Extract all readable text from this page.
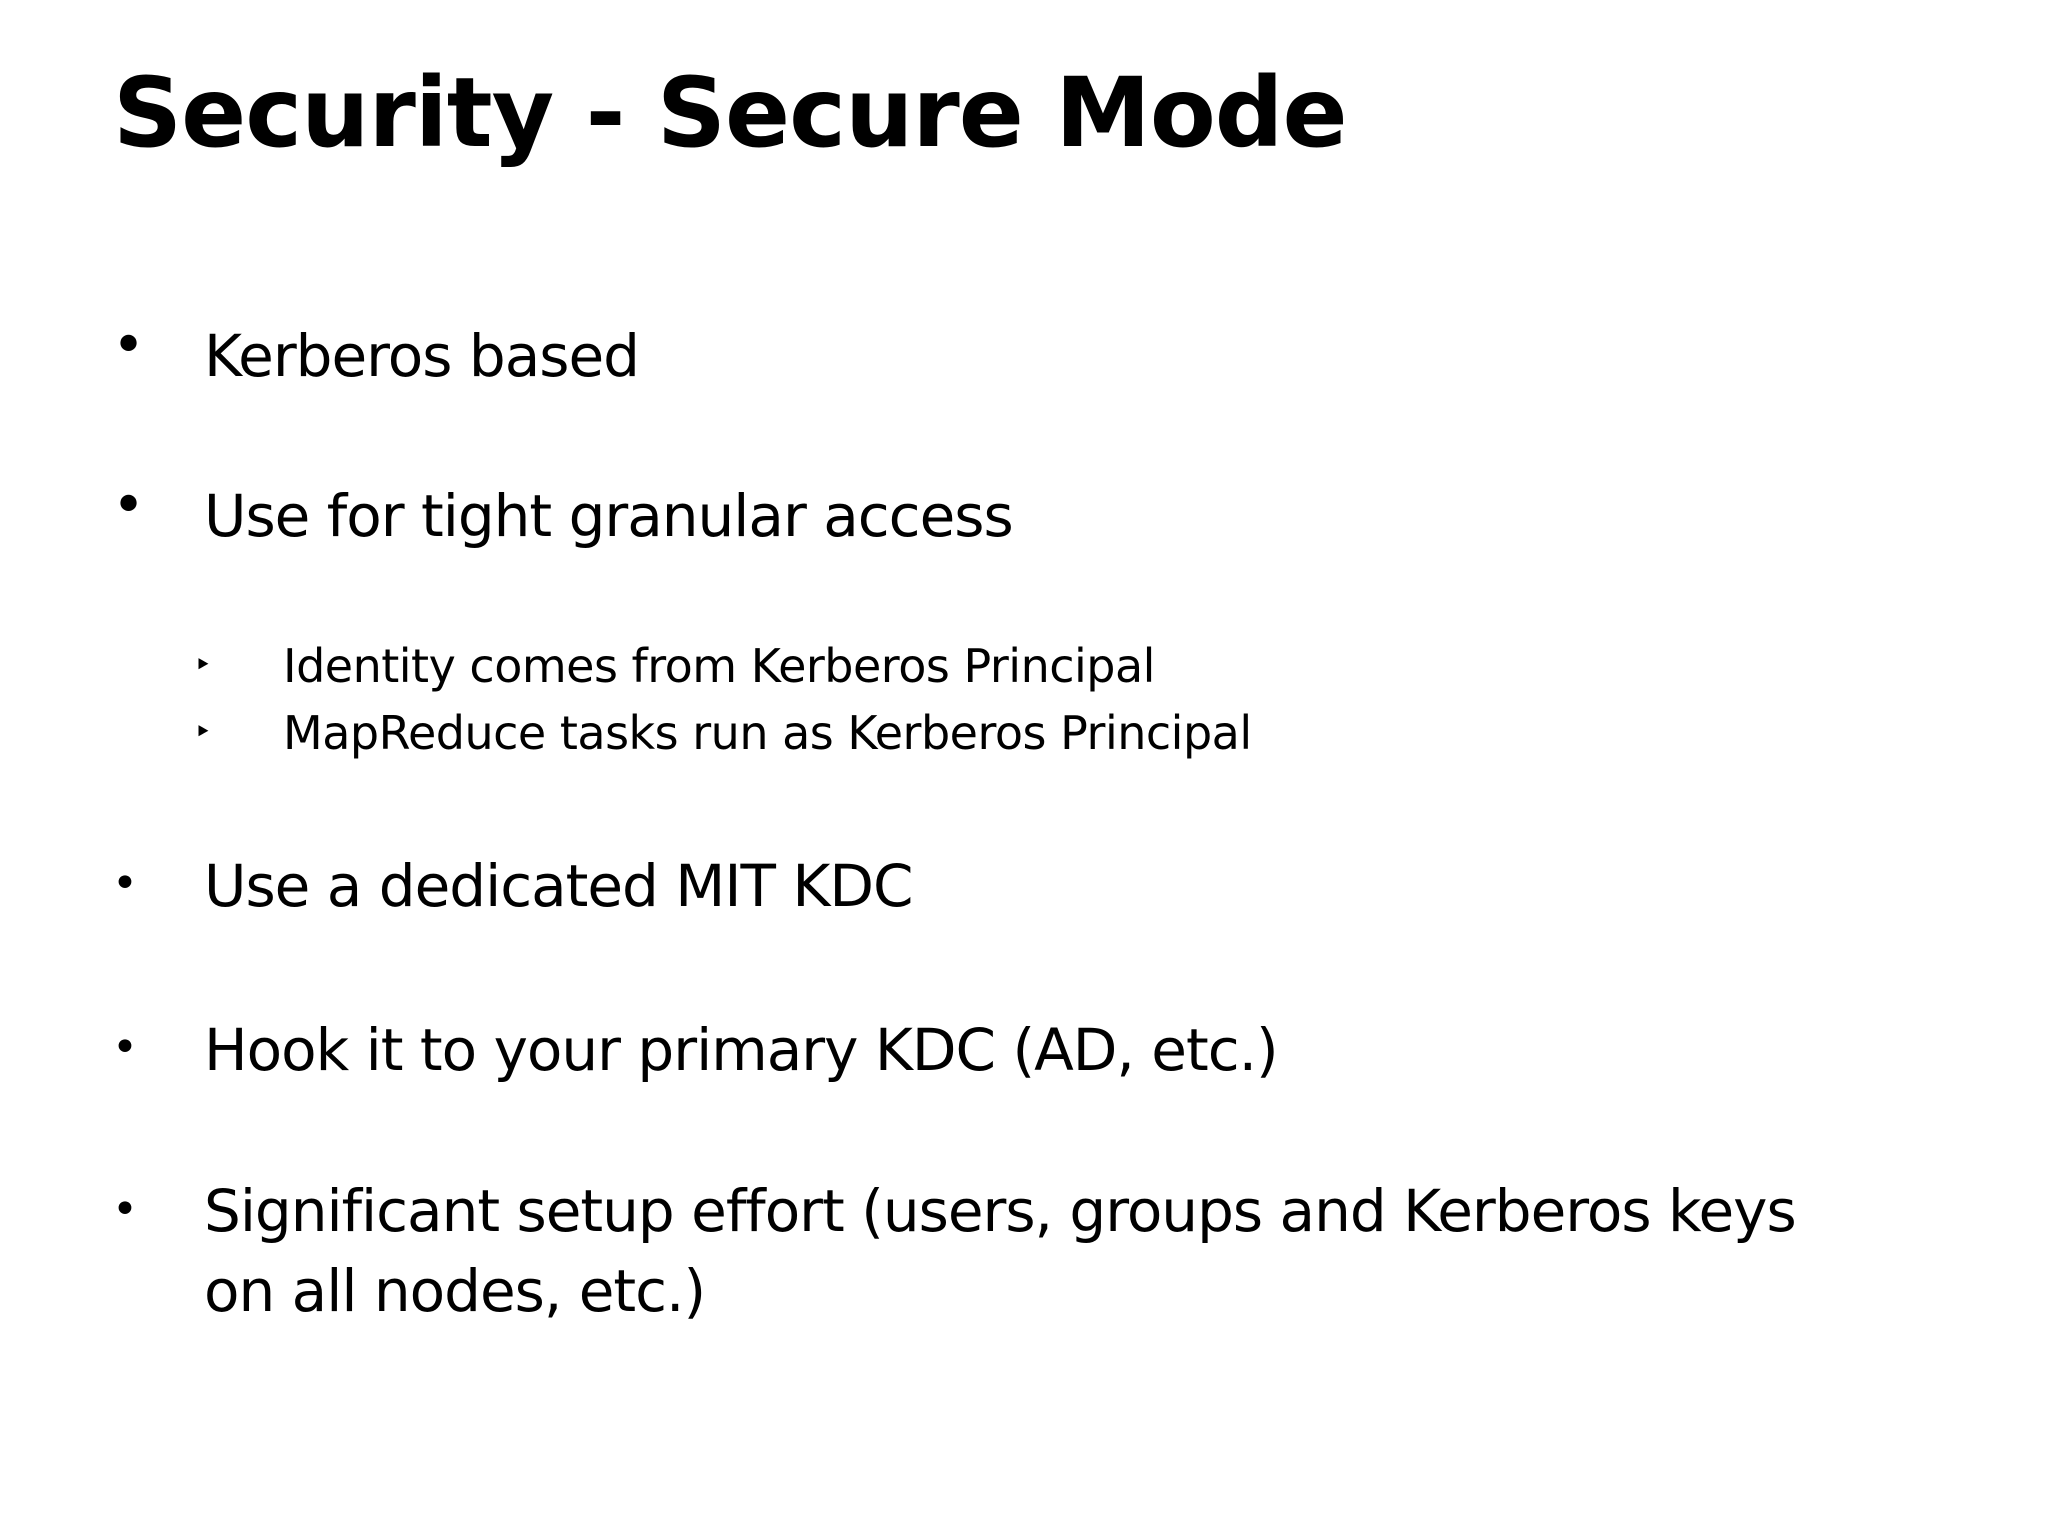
Security - Secure Mode
• Kerberos based
• Use for tight granular access
‣ Identity comes from Kerberos Principal
‣ MapReduce tasks run as Kerberos Principal
• Use a dedicated MIT KDC
• Hook it to your primary KDC (AD, etc.)
• Significant setup effort (users, groups and Kerberos keys
on all nodes, etc.)
